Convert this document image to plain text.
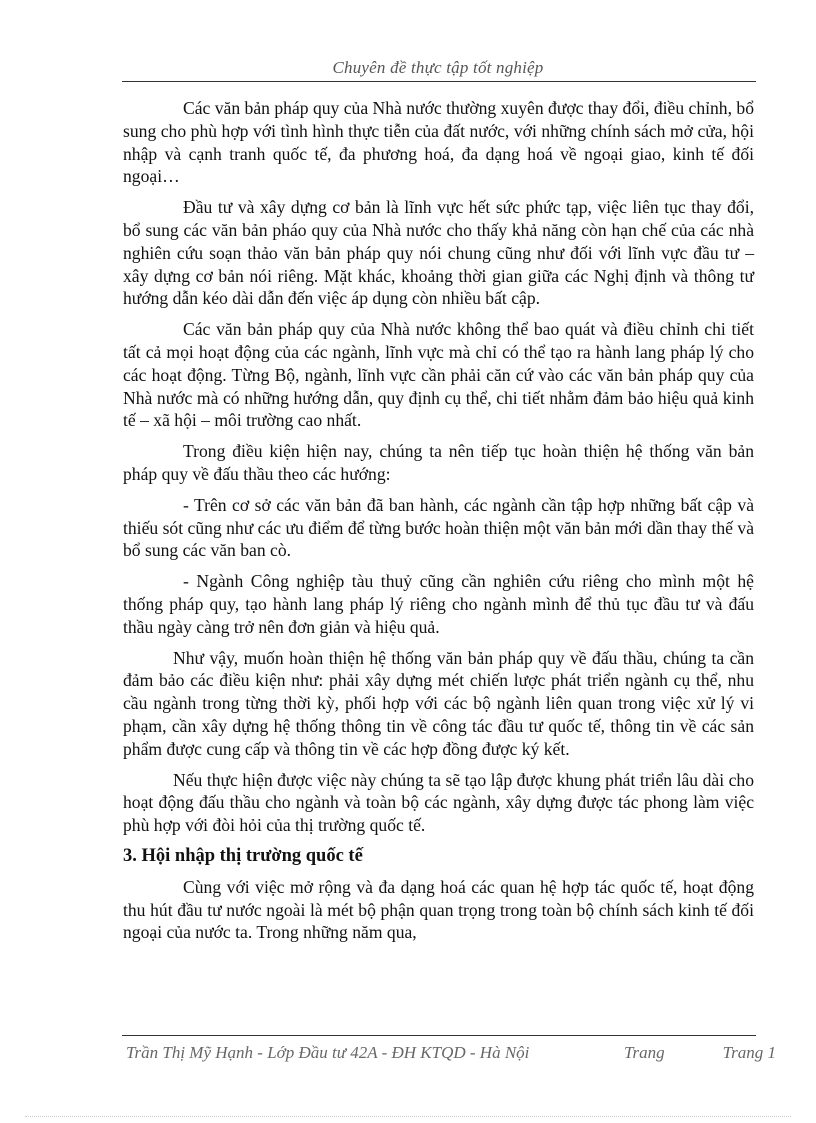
Chuyên đề thực tập tốt nghiệp

Các văn bản pháp quy của Nhà nước thường xuyên được thay đổi, điều chỉnh, bổ sung cho phù hợp với tình hình thực tiễn của đất nước, với những chính sách mở cửa, hội nhập và cạnh tranh quốc tế, đa phương hoá, đa dạng hoá về ngoại giao, kinh tế đối ngoại…

Đầu tư và xây dựng cơ bản là lĩnh vực hết sức phức tạp, việc liên tục thay đổi, bổ sung các văn bản pháo quy của Nhà nước cho thấy khả năng còn hạn chế của các nhà nghiên cứu soạn thảo văn bản pháp quy nói chung cũng như đối với lĩnh vực đầu tư – xây dựng cơ bản nói riêng. Mặt khác, khoảng thời gian giữa các Nghị định và thông tư hướng dẫn kéo dài dẫn đến việc áp dụng còn nhiều bất cập.

Các văn bản pháp quy của Nhà nước không thể bao quát và điều chỉnh chi tiết tất cả mọi hoạt động của các ngành, lĩnh vực mà chỉ có thể tạo ra hành lang pháp lý cho các hoạt động. Từng Bộ, ngành, lĩnh vực cần phải căn cứ vào các văn bản pháp quy của Nhà nước mà có những hướng dẫn, quy định cụ thể, chi tiết nhằm đảm bảo hiệu quả kinh tế – xã hội – môi trường cao nhất.

Trong điều kiện hiện nay, chúng ta nên tiếp tục hoàn thiện hệ thống văn bản pháp quy về đấu thầu theo các hướng:

- Trên cơ sở các văn bản đã ban hành, các ngành cần tập hợp những bất cập và thiếu sót cũng như các ưu điểm để từng bước hoàn thiện một văn bản mới dần thay thế và bổ sung các văn ban cò.

- Ngành Công nghiệp tàu thuỷ cũng cần nghiên cứu riêng cho mình một hệ thống pháp quy, tạo hành lang pháp lý riêng cho ngành mình để thủ tục đầu tư và đấu thầu ngày càng trở nên đơn giản và hiệu quả.

Như vậy, muốn hoàn thiện hệ thống văn bản pháp quy về đấu thầu, chúng ta cần đảm bảo các điều kiện như: phải xây dựng mét chiến lược phát triển ngành cụ thể, nhu cầu ngành trong từng thời kỳ, phối hợp với các bộ ngành liên quan trong việc xử lý vi phạm, cần xây dựng hệ thống thông tin về công tác đầu tư quốc tế, thông tin về các sản phẩm được cung cấp và thông tin về các hợp đồng được ký kết.

Nếu thực hiện được việc này chúng ta sẽ tạo lập được khung phát triển lâu dài cho hoạt động đấu thầu cho ngành và toàn bộ các ngành, xây dựng được tác phong làm việc phù hợp với đòi hỏi của thị trường quốc tế.

3. Hội nhập thị trường quốc tế

Cùng với việc mở rộng và đa dạng hoá các quan hệ hợp tác quốc tế, hoạt động thu hút đầu tư nước ngoài là mét bộ phận quan trọng trong toàn bộ chính sách kinh tế đối ngoại của nước ta. Trong những năm qua,

Trần Thị Mỹ Hạnh - Lớp Đầu tư 42A - ĐH KTQD - Hà Nội	Trang	Trang 1
